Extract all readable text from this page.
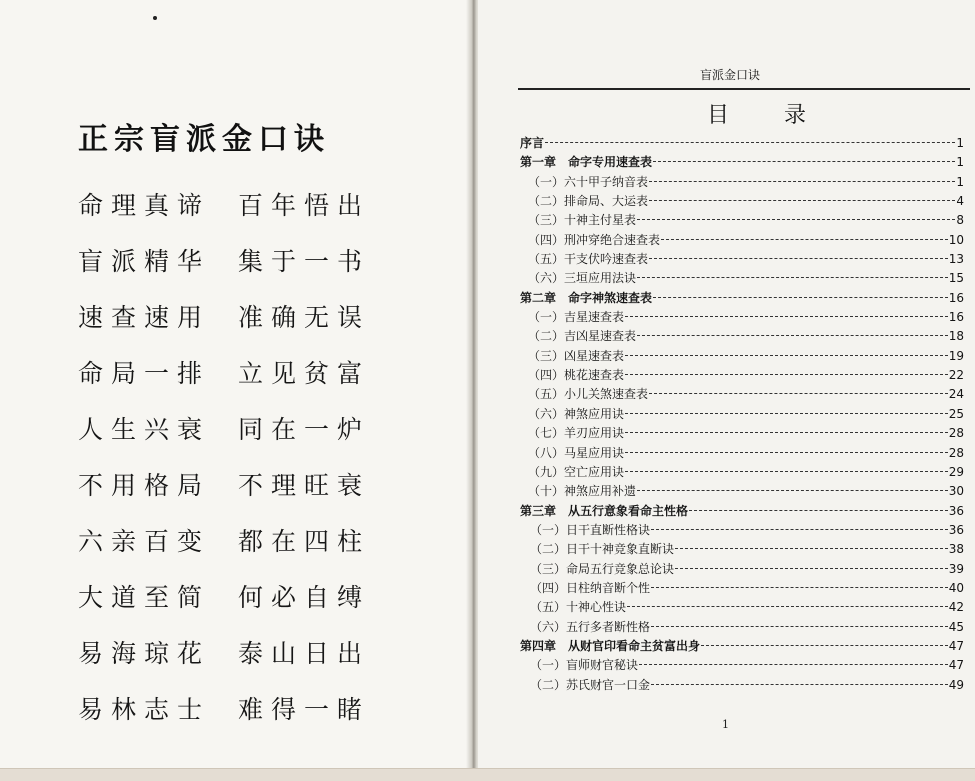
正宗盲派金口诀
命理真谛 百年悟出
盲派精华 集于一书
速查速用 准确无误
命局一排 立见贫富
人生兴衰 同在一炉
不用格局 不理旺衰
六亲百变 都在四柱
大道至简 何必自缚
易海琼花 泰山日出
易林志士 难得一睹
盲派金口诀
目 录
序言	1
第一章　命字专用速查表	1
（一）六十甲子纳音表	1
（二）排命局、大运表	4
（三）十神主付星表	8
（四）刑冲穿绝合速查表	10
（五）干支伏吟速查表	13
（六）三垣应用法诀	15
第二章　命字神煞速查表	16
（一）吉星速查表	16
（二）吉凶星速查表	18
（三）凶星速查表	19
（四）桃花速查表	22
（五）小儿关煞速查表	24
（六）神煞应用诀	25
（七）羊刃应用诀	28
（八）马星应用诀	28
（九）空亡应用诀	29
（十）神煞应用补遗	30
第三章　从五行意象看命主性格	36
（一）日干直断性格诀	36
（二）日干十神竞象直断诀	38
（三）命局五行竞象总论诀	39
（四）日柱纳音断个性	40
（五）十神心性诀	42
（六）五行多者断性格	45
第四章　从财官印看命主贫富出身	47
（一）盲师财官秘诀	47
（二）苏氏财官一口金	49
1
